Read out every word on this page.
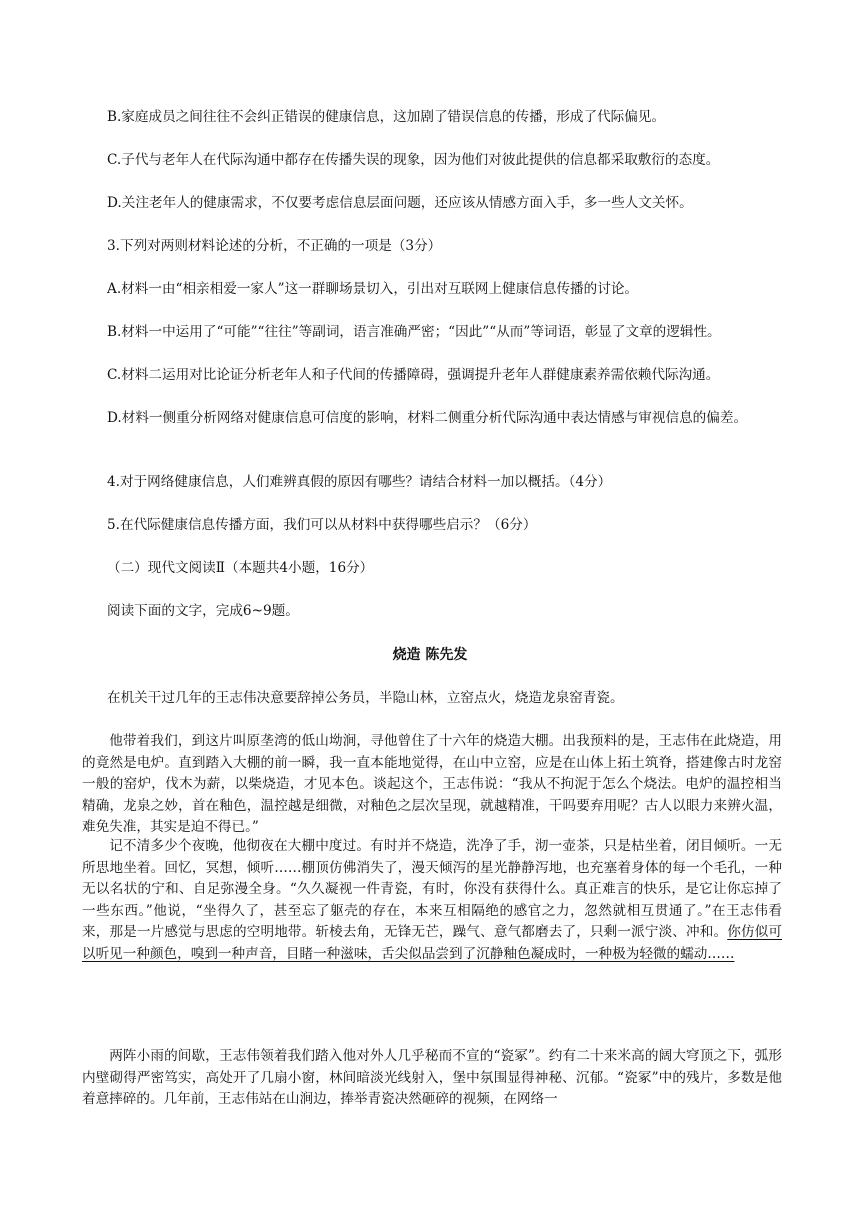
B.家庭成员之间往往不会纠正错误的健康信息，这加剧了错误信息的传播，形成了代际偏见。
C.子代与老年人在代际沟通中都存在传播失误的现象，因为他们对彼此提供的信息都采取敷衍的态度。
D.关注老年人的健康需求，不仅要考虑信息层面问题，还应该从情感方面入手，多一些人文关怀。
3.下列对两则材料论述的分析，不正确的一项是（3分）
A.材料一由“相亲相爱一家人”这一群聊场景切入，引出对互联网上健康信息传播的讨论。
B.材料一中运用了“可能”“往往”等副词，语言准确严密；“因此”“从而”等词语，彰显了文章的逻辑性。
C.材料二运用对比论证分析老年人和子代间的传播障碍，强调提升老年人群健康素养需依赖代际沟通。
D.材料一侧重分析网络对健康信息可信度的影响，材料二侧重分析代际沟通中表达情感与审视信息的偏差。
4.对于网络健康信息，人们难辨真假的原因有哪些？请结合材料一加以概括。（4分）
5.在代际健康信息传播方面，我们可以从材料中获得哪些启示？（6分）
（二）现代文阅读Ⅱ（本题共4小题，16分）
阅读下面的文字，完成6~9题。
烧造 陈先发
在机关干过几年的王志伟决意要辞掉公务员，半隐山林，立窑点火，烧造龙泉窑青瓷。
他带着我们，到这片叫原垄湾的低山坳涧，寻他曾住了十六年的烧造大棚。出我预料的是，王志伟在此烧造，用的竟然是电炉。直到踏入大棚的前一瞬，我一直本能地觉得，在山中立窑，应是在山体上拓土筑脊，搭建像古时龙窑一般的窑炉，伐木为薪，以柴烧造，才见本色。谈起这个，王志伟说：“我从不拘泥于怎么个烧法。电炉的温控相当精确，龙泉之妙，首在釉色，温控越是细微，对釉色之层次呈现，就越精准，干吗要弃用呢？古人以眼力来辨火温，难免失准，其实是迫不得已。”
记不清多少个夜晚，他彻夜在大棚中度过。有时并不烧造，洗净了手，沏一壶茶，只是枯坐着，闭目倾听。一无所思地坐着。回忆，冥想，倾听……棚顶仿佛消失了，漫天倾泻的星光静静泻地，也充塞着身体的每一个毛孔，一种无以名状的宁和、自足弥漫全身。“久久凝视一件青瓷，有时，你没有获得什么。真正难言的快乐，是它让你忘掉了一些东西。”他说，“坐得久了，甚至忘了躯壳的存在，本来互相隔绝的感官之力，忽然就相互贯通了。”在王志伟看来，那是一片感觉与思虑的空明地带。斩棱去角，无锋无芒，躁气、意气都磨去了，只剩一派宁淡、冲和。你仿似可以听见一种颜色，嗅到一种声音，目睹一种滋味，舌尖似品尝到了沉静釉色凝成时，一种极为轻微的蠕动……
两阵小雨的间歇，王志伟领着我们踏入他对外人几乎秘而不宣的“瓷冢”。约有二十来米高的阔大穹顶之下，弧形内壁砌得严密笃实，高处开了几扇小窗，林间暗淡光线射入，堡中氛围显得神秘、沉郁。“瓷冢”中的残片，多数是他着意摔碎的。几年前，王志伟站在山涧边，捧举青瓷决然砸碎的视频，在网络一
